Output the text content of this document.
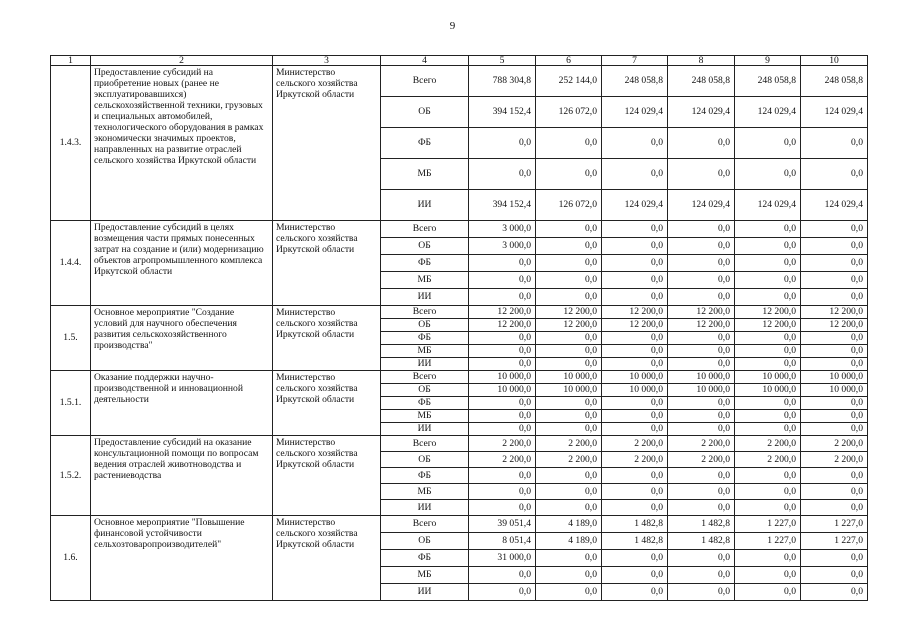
9
1	2	3	4	5	6	7	8	9	10
1.4.3.	Предоставление субсидий на приобретение новых (ранее не эксплуатировавшихся) сельскохозяйственной техники, грузовых и специальных автомобилей, технологического оборудования в рамках экономически значимых проектов, направленных на развитие отраслей сельского хозяйства Иркутской области	Министерство сельского хозяйства Иркутской области	Всего	788 304,8	252 144,0	248 058,8	248 058,8	248 058,8	248 058,8
			ОБ	394 152,4	126 072,0	124 029,4	124 029,4	124 029,4	124 029,4
			ФБ	0,0	0,0	0,0	0,0	0,0	0,0
			МБ	0,0	0,0	0,0	0,0	0,0	0,0
			ИИ	394 152,4	126 072,0	124 029,4	124 029,4	124 029,4	124 029,4
1.4.4.	Предоставление субсидий в целях возмещения части прямых понесенных затрат на создание и (или) модернизацию объектов агропромышленного комплекса Иркутской области	Министерство сельского хозяйства Иркутской области	Всего	3 000,0	0,0	0,0	0,0	0,0	0,0
			ОБ	3 000,0	0,0	0,0	0,0	0,0	0,0
			ФБ	0,0	0,0	0,0	0,0	0,0	0,0
			МБ	0,0	0,0	0,0	0,0	0,0	0,0
			ИИ	0,0	0,0	0,0	0,0	0,0	0,0
1.5.	Основное мероприятие "Создание условий для научного обеспечения развития сельскохозяйственного производства"	Министерство сельского хозяйства Иркутской области	Всего	12 200,0	12 200,0	12 200,0	12 200,0	12 200,0	12 200,0
			ОБ	12 200,0	12 200,0	12 200,0	12 200,0	12 200,0	12 200,0
			ФБ	0,0	0,0	0,0	0,0	0,0	0,0
			МБ	0,0	0,0	0,0	0,0	0,0	0,0
			ИИ	0,0	0,0	0,0	0,0	0,0	0,0
1.5.1.	Оказание поддержки научно-производственной и инновационной деятельности	Министерство сельского хозяйства Иркутской области	Всего	10 000,0	10 000,0	10 000,0	10 000,0	10 000,0	10 000,0
			ОБ	10 000,0	10 000,0	10 000,0	10 000,0	10 000,0	10 000,0
			ФБ	0,0	0,0	0,0	0,0	0,0	0,0
			МБ	0,0	0,0	0,0	0,0	0,0	0,0
			ИИ	0,0	0,0	0,0	0,0	0,0	0,0
1.5.2.	Предоставление субсидий на оказание консультационной помощи по вопросам ведения отраслей животноводства и растениеводства	Министерство сельского хозяйства Иркутской области	Всего	2 200,0	2 200,0	2 200,0	2 200,0	2 200,0	2 200,0
			ОБ	2 200,0	2 200,0	2 200,0	2 200,0	2 200,0	2 200,0
			ФБ	0,0	0,0	0,0	0,0	0,0	0,0
			МБ	0,0	0,0	0,0	0,0	0,0	0,0
			ИИ	0,0	0,0	0,0	0,0	0,0	0,0
1.6.	Основное мероприятие "Повышение финансовой устойчивости сельхозтоваропроизводителей"	Министерство сельского хозяйства Иркутской области	Всего	39 051,4	4 189,0	1 482,8	1 482,8	1 227,0	1 227,0
			ОБ	8 051,4	4 189,0	1 482,8	1 482,8	1 227,0	1 227,0
			ФБ	31 000,0	0,0	0,0	0,0	0,0	0,0
			МБ	0,0	0,0	0,0	0,0	0,0	0,0
			ИИ	0,0	0,0	0,0	0,0	0,0	0,0
